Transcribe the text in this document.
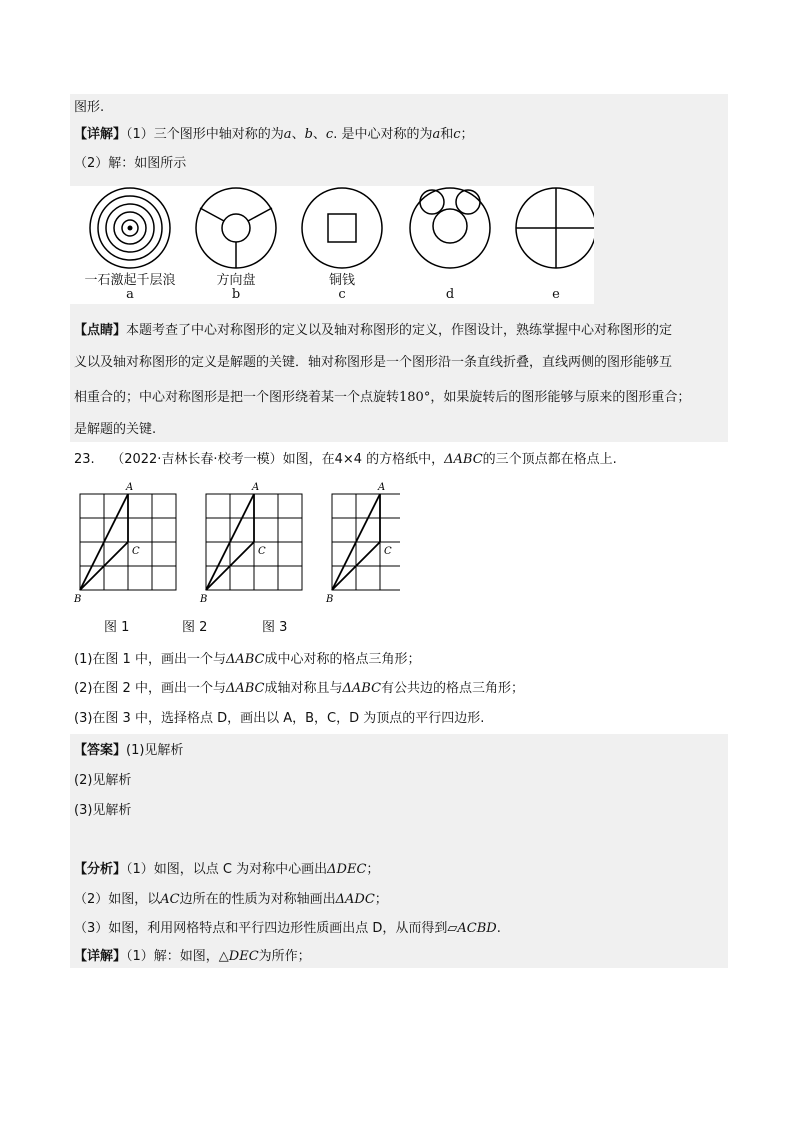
图形.
【详解】（1）三个图形中轴对称的为a、b、c. 是中心对称的为a和c；
（2）解：如图所示
一石激起千层浪	方向盘	铜钱
a	b	c	d	e
【点睛】本题考查了中心对称图形的定义以及轴对称图形的定义，作图设计，熟练掌握中心对称图形的定
义以及轴对称图形的定义是解题的关键．轴对称图形是一个图形沿一条直线折叠，直线两侧的图形能够互
相重合的；中心对称图形是把一个图形绕着某一个点旋转180°，如果旋转后的图形能够与原来的图形重合；
是解题的关键.
23. （2022·吉林长春·校考一模）如图，在4×4 的方格纸中，ΔABC的三个顶点都在格点上.
A
C
B
A
C
B
A
C
B
图 1	图 2	图 3
(1)在图 1 中，画出一个与ΔABC成中心对称的格点三角形；
(2)在图 2 中，画出一个与ΔABC成轴对称且与ΔABC有公共边的格点三角形；
(3)在图 3 中，选择格点 D，画出以 A，B，C，D 为顶点的平行四边形.
【答案】(1)见解析
(2)见解析
(3)见解析
【分析】（1）如图，以点 C 为对称中心画出ΔDEC；
（2）如图，以AC边所在的性质为对称轴画出ΔADC；
（3）如图，利用网格特点和平行四边形性质画出点 D，从而得到▱ACBD.
【详解】（1）解：如图，△DEC为所作；
